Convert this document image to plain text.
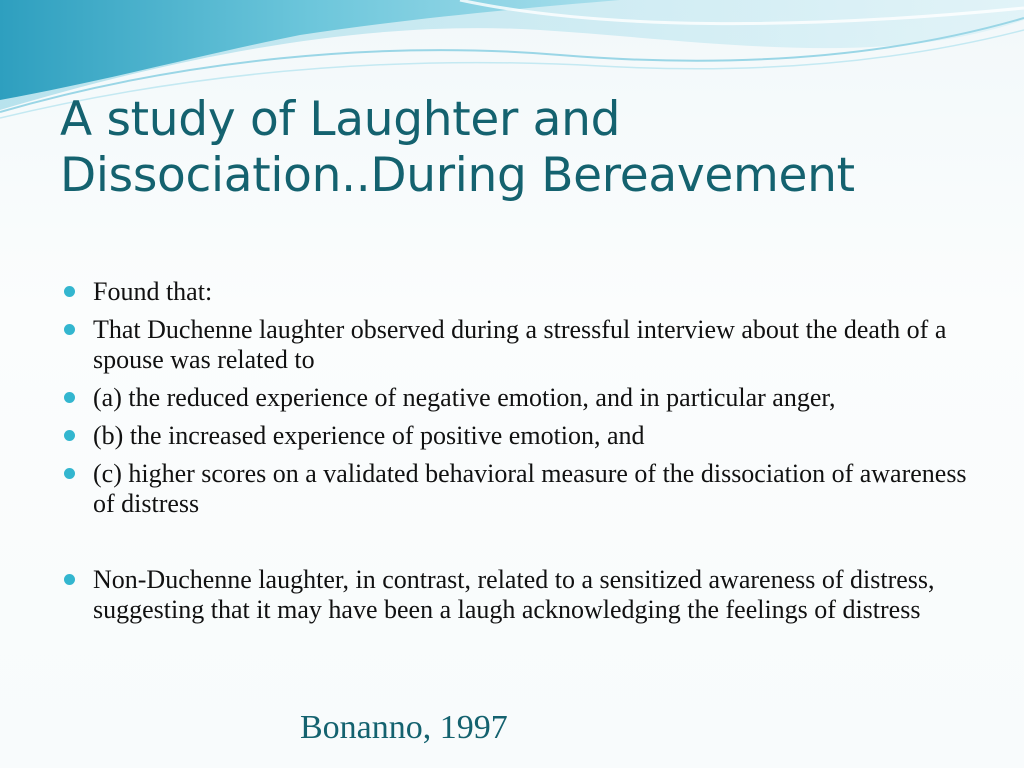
A study of Laughter and
Dissociation..During Bereavement
Found that:
That Duchenne laughter observed during a stressful interview about the death of a spouse was related to
(a) the reduced experience of negative emotion, and in particular anger,
(b) the increased experience of positive emotion, and
(c) higher scores on a validated behavioral measure of the dissociation of awareness of distress
Non-Duchenne laughter, in contrast, related to a sensitized awareness of distress, suggesting that it may have been a laugh acknowledging the feelings of distress

Bonanno, 1997
